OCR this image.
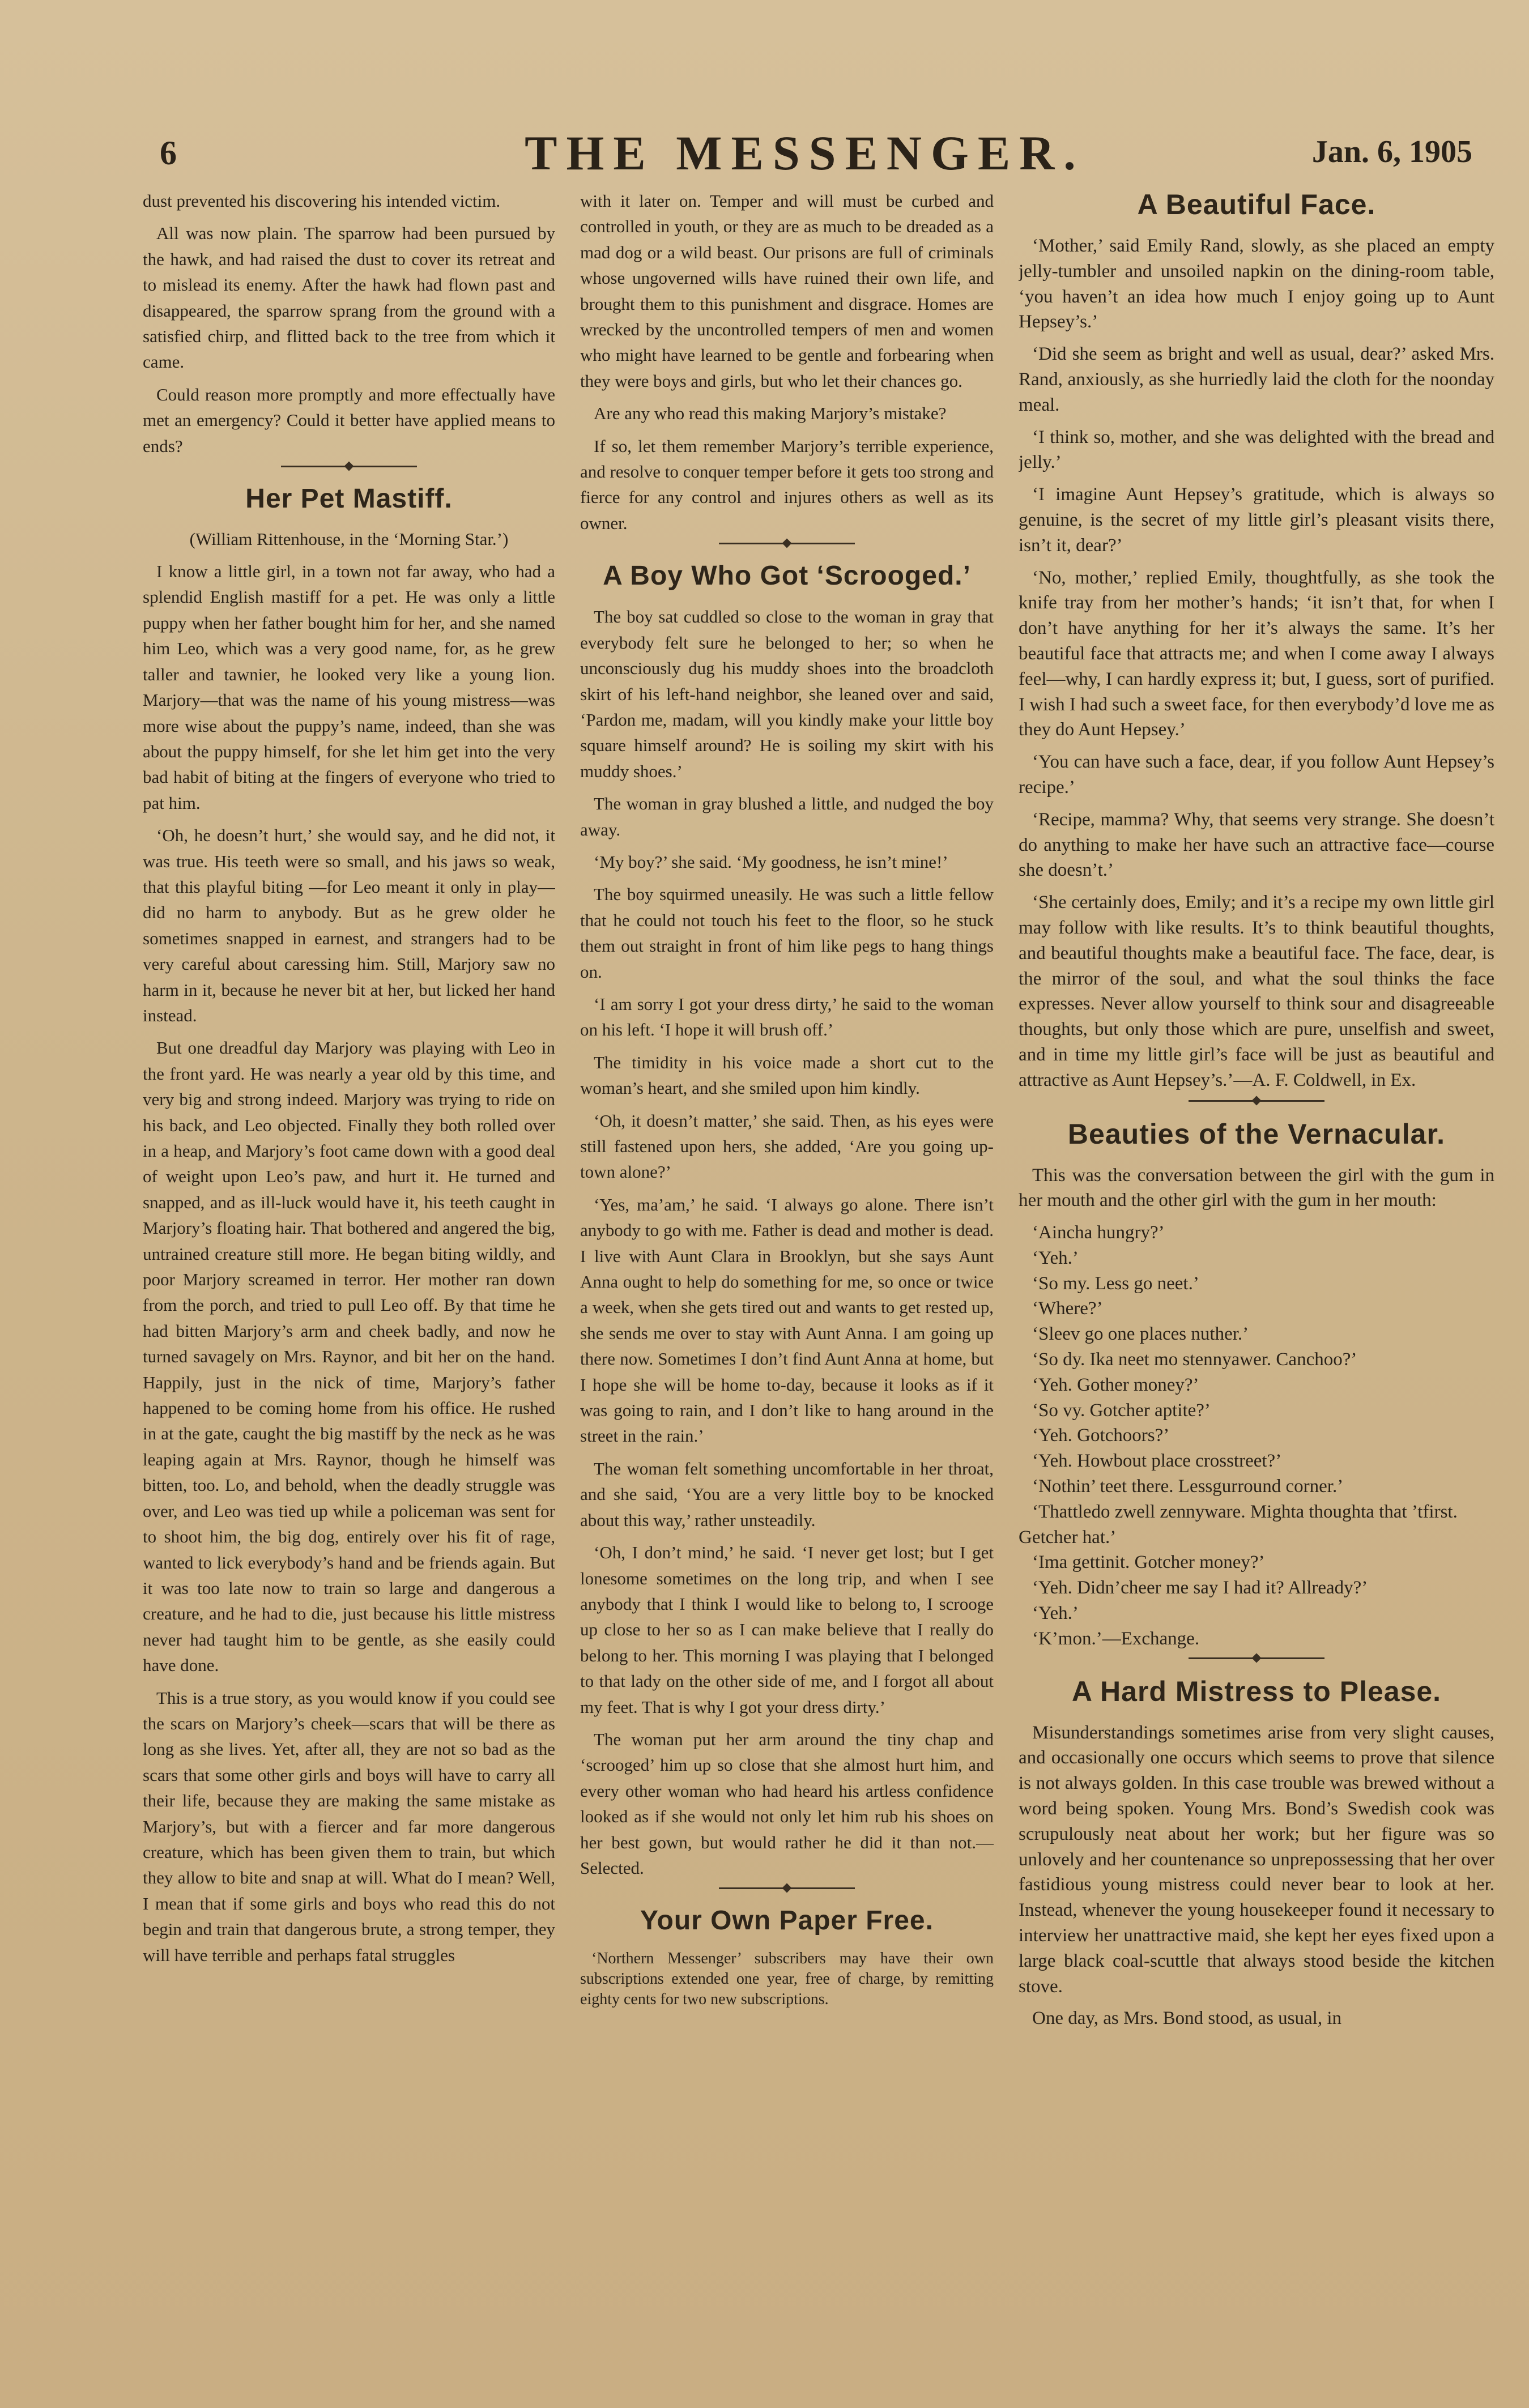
6	THE MESSENGER.	Jan. 6, 1905

dust prevented his discovering his intended victim.

All was now plain. The sparrow had been pursued by the hawk, and had raised the dust to cover its retreat and to mislead its enemy. After the hawk had flown past and disappeared, the sparrow sprang from the ground with a satisfied chirp, and flitted back to the tree from which it came.

Could reason more promptly and more effectually have met an emergency? Could it better have applied means to ends?

Her Pet Mastiff.
(William Rittenhouse, in the ‘Morning Star.’)

I know a little girl, in a town not far away, who had a splendid English mastiff for a pet. He was only a little puppy when her father bought him for her, and she named him Leo, which was a very good name, for, as he grew taller and tawnier, he looked very like a young lion. Marjory—that was the name of his young mistress—was more wise about the puppy’s name, indeed, than she was about the puppy himself, for she let him get into the very bad habit of biting at the fingers of everyone who tried to pat him.

‘Oh, he doesn’t hurt,’ she would say, and he did not, it was true. His teeth were so small, and his jaws so weak, that this playful biting —for Leo meant it only in play—did no harm to anybody. But as he grew older he sometimes snapped in earnest, and strangers had to be very careful about caressing him. Still, Marjory saw no harm in it, because he never bit at her, but licked her hand instead.

But one dreadful day Marjory was playing with Leo in the front yard. He was nearly a year old by this time, and very big and strong indeed. Marjory was trying to ride on his back, and Leo objected. Finally they both rolled over in a heap, and Marjory’s foot came down with a good deal of weight upon Leo’s paw, and hurt it. He turned and snapped, and as ill-luck would have it, his teeth caught in Marjory’s floating hair. That bothered and angered the big, untrained creature still more. He began biting wildly, and poor Marjory screamed in terror. Her mother ran down from the porch, and tried to pull Leo off. By that time he had bitten Marjory’s arm and cheek badly, and now he turned savagely on Mrs. Raynor, and bit her on the hand. Happily, just in the nick of time, Marjory’s father happened to be coming home from his office. He rushed in at the gate, caught the big mastiff by the neck as he was leaping again at Mrs. Raynor, though he himself was bitten, too. Lo, and behold, when the deadly struggle was over, and Leo was tied up while a policeman was sent for to shoot him, the big dog, entirely over his fit of rage, wanted to lick everybody’s hand and be friends again. But it was too late now to train so large and dangerous a creature, and he had to die, just because his little mistress never had taught him to be gentle, as she easily could have done.

This is a true story, as you would know if you could see the scars on Marjory’s cheek—scars that will be there as long as she lives. Yet, after all, they are not so bad as the scars that some other girls and boys will have to carry all their life, because they are making the same mistake as Marjory’s, but with a fiercer and far more dangerous creature, which has been given them to train, but which they allow to bite and snap at will. What do I mean? Well, I mean that if some girls and boys who read this do not begin and train that dangerous brute, a strong temper, they will have terrible and perhaps fatal struggles

with it later on. Temper and will must be curbed and controlled in youth, or they are as much to be dreaded as a mad dog or a wild beast. Our prisons are full of criminals whose ungoverned wills have ruined their own life, and brought them to this punishment and disgrace. Homes are wrecked by the uncontrolled tempers of men and women who might have learned to be gentle and forbearing when they were boys and girls, but who let their chances go.

Are any who read this making Marjory’s mistake?

If so, let them remember Marjory’s terrible experience, and resolve to conquer temper before it gets too strong and fierce for any control and injures others as well as its owner.

A Boy Who Got ‘Scrooged.’

The boy sat cuddled so close to the woman in gray that everybody felt sure he belonged to her; so when he unconsciously dug his muddy shoes into the broadcloth skirt of his left-hand neighbor, she leaned over and said, ‘Pardon me, madam, will you kindly make your little boy square himself around? He is soiling my skirt with his muddy shoes.’

The woman in gray blushed a little, and nudged the boy away.

‘My boy?’ she said. ‘My goodness, he isn’t mine!’

The boy squirmed uneasily. He was such a little fellow that he could not touch his feet to the floor, so he stuck them out straight in front of him like pegs to hang things on.

‘I am sorry I got your dress dirty,’ he said to the woman on his left. ‘I hope it will brush off.’

The timidity in his voice made a short cut to the woman’s heart, and she smiled upon him kindly.

‘Oh, it doesn’t matter,’ she said. Then, as his eyes were still fastened upon hers, she added, ‘Are you going up-town alone?’

‘Yes, ma’am,’ he said. ‘I always go alone. There isn’t anybody to go with me. Father is dead and mother is dead. I live with Aunt Clara in Brooklyn, but she says Aunt Anna ought to help do something for me, so once or twice a week, when she gets tired out and wants to get rested up, she sends me over to stay with Aunt Anna. I am going up there now. Sometimes I don’t find Aunt Anna at home, but I hope she will be home to-day, because it looks as if it was going to rain, and I don’t like to hang around in the street in the rain.’

The woman felt something uncomfortable in her throat, and she said, ‘You are a very little boy to be knocked about this way,’ rather unsteadily.

‘Oh, I don’t mind,’ he said. ‘I never get lost; but I get lonesome sometimes on the long trip, and when I see anybody that I think I would like to belong to, I scrooge up close to her so as I can make believe that I really do belong to her. This morning I was playing that I belonged to that lady on the other side of me, and I forgot all about my feet. That is why I got your dress dirty.’

The woman put her arm around the tiny chap and ‘scrooged’ him up so close that she almost hurt him, and every other woman who had heard his artless confidence looked as if she would not only let him rub his shoes on her best gown, but would rather he did it than not.—Selected.

Your Own Paper Free.

‘Northern Messenger’ subscribers may have their own subscriptions extended one year, free of charge, by remitting eighty cents for two new subscriptions.

A Beautiful Face.

‘Mother,’ said Emily Rand, slowly, as she placed an empty jelly-tumbler and unsoiled napkin on the dining-room table, ‘you haven’t an idea how much I enjoy going up to Aunt Hepsey’s.’

‘Did she seem as bright and well as usual, dear?’ asked Mrs. Rand, anxiously, as she hurriedly laid the cloth for the noonday meal.

‘I think so, mother, and she was delighted with the bread and jelly.’

‘I imagine Aunt Hepsey’s gratitude, which is always so genuine, is the secret of my little girl’s pleasant visits there, isn’t it, dear?’

‘No, mother,’ replied Emily, thoughtfully, as she took the knife tray from her mother’s hands; ‘it isn’t that, for when I don’t have anything for her it’s always the same. It’s her beautiful face that attracts me; and when I come away I always feel—why, I can hardly express it; but, I guess, sort of purified. I wish I had such a sweet face, for then everybody’d love me as they do Aunt Hepsey.’

‘You can have such a face, dear, if you follow Aunt Hepsey’s recipe.’

‘Recipe, mamma? Why, that seems very strange. She doesn’t do anything to make her have such an attractive face—course she doesn’t.’

‘She certainly does, Emily; and it’s a recipe my own little girl may follow with like results. It’s to think beautiful thoughts, and beautiful thoughts make a beautiful face. The face, dear, is the mirror of the soul, and what the soul thinks the face expresses. Never allow yourself to think sour and disagreeable thoughts, but only those which are pure, unselfish and sweet, and in time my little girl’s face will be just as beautiful and attractive as Aunt Hepsey’s.’—A. F. Coldwell, in Ex.

Beauties of the Vernacular.

This was the conversation between the girl with the gum in her mouth and the other girl with the gum in her mouth:

‘Aincha hungry?’

‘Yeh.’

‘So my. Less go neet.’

‘Where?’

‘Sleev go one places nuther.’

‘So dy. Ika neet mo stennyawer. Canchoo?’

‘Yeh. Gother money?’

‘So vy. Gotcher aptite?’

‘Yeh. Gotchoors?’

‘Yeh. Howbout place crosstreet?’

‘Nothin’ teet there. Lessgurround corner.’

‘Thattledo zwell zennyware. Mighta thoughta that ’tfirst. Getcher hat.’

‘Ima gettinit. Gotcher money?’

‘Yeh. Didn’cheer me say I had it? Allready?’

‘Yeh.’

‘K’mon.’—Exchange.

A Hard Mistress to Please.

Misunderstandings sometimes arise from very slight causes, and occasionally one occurs which seems to prove that silence is not always golden. In this case trouble was brewed without a word being spoken. Young Mrs. Bond’s Swedish cook was scrupulously neat about her work; but her figure was so unlovely and her countenance so unprepossessing that her over fastidious young mistress could never bear to look at her. Instead, whenever the young housekeeper found it necessary to interview her unattractive maid, she kept her eyes fixed upon a large black coal-scuttle that always stood beside the kitchen stove.

One day, as Mrs. Bond stood, as usual, in
